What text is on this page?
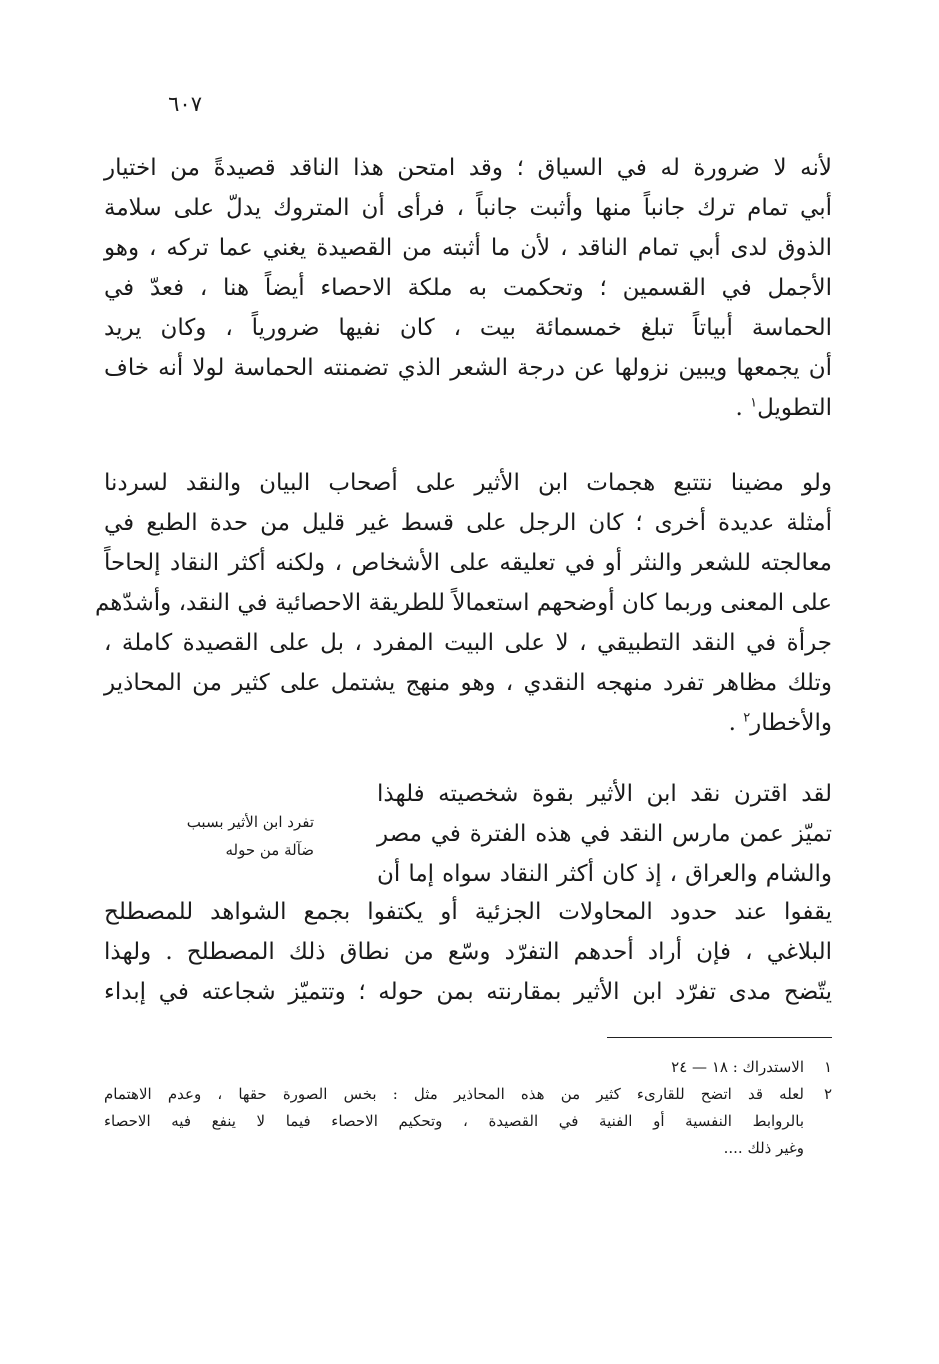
٦٠٧
لأنه لا ضرورة له في السياق ؛ وقد امتحن هذا الناقد قصيدةً من اختيار
أبي تمام ترك جانباً منها وأثبت جانباً ، فرأى أن المتروك يدلّ على سلامة
الذوق لدى أبي تمام الناقد ، لأن ما أثبته من القصيدة يغني عما تركه ، وهو
الأجمل في القسمين ؛ وتحكمت به ملكة الاحصاء أيضاً هنا ، فعدّ في
الحماسة أبياتاً تبلغ خمسمائة بيت ، كان نفيها ضرورياً ، وكان يريد
أن يجمعها ويبين نزولها عن درجة الشعر الذي تضمنته الحماسة لولا أنه خاف
التطويل$^١$ .
ولو مضينا نتتبع هجمات ابن الأثير على أصحاب البيان والنقد لسردنا
أمثلة عديدة أخرى ؛ كان الرجل على قسط غير قليل من حدة الطبع في
معالجته للشعر والنثر أو في تعليقه على الأشخاص ، ولكنه أكثر النقاد إلحاحاً
على المعنى وربما كان أوضحهم استعمالاً للطريقة الاحصائية في النقد، وأشدّهم
جرأة في النقد التطبيقي ، لا على البيت المفرد ، بل على القصيدة كاملة ،
وتلك مظاهر تفرد منهجه النقدي ، وهو منهج يشتمل على كثير من المحاذير
والأخطار$^٢$ .
لقد اقترن نقد ابن الأثير بقوة شخصيته فلهذا
تميّز عمن مارس النقد في هذه الفترة في مصر
والشام والعراق ، إذ كان أكثر النقاد سواه إما أن
تفرد ابن الأثير بسبب
ضآلة من حوله
يقفوا عند حدود المحاولات الجزئية أو يكتفوا بجمع الشواهد للمصطلح
البلاغي ، فإن أراد أحدهم التفرّد وسّع من نطاق ذلك المصطلح . ولهذا
يتّضح مدى تفرّد ابن الأثير بمقارنته بمن حوله ؛ وتتميّز شجاعته في إبداء
١
الاستدراك : ١٨ — ٢٤
٢
لعله قد اتضح للقارىء كثير من هذه المحاذير مثل : بخس الصورة حقها ، وعدم الاهتمام
بالروابط النفسية أو الفنية في القصيدة ، وتحكيم الاحصاء فيما لا ينفع فيه الاحصاء
وغير ذلك ....
